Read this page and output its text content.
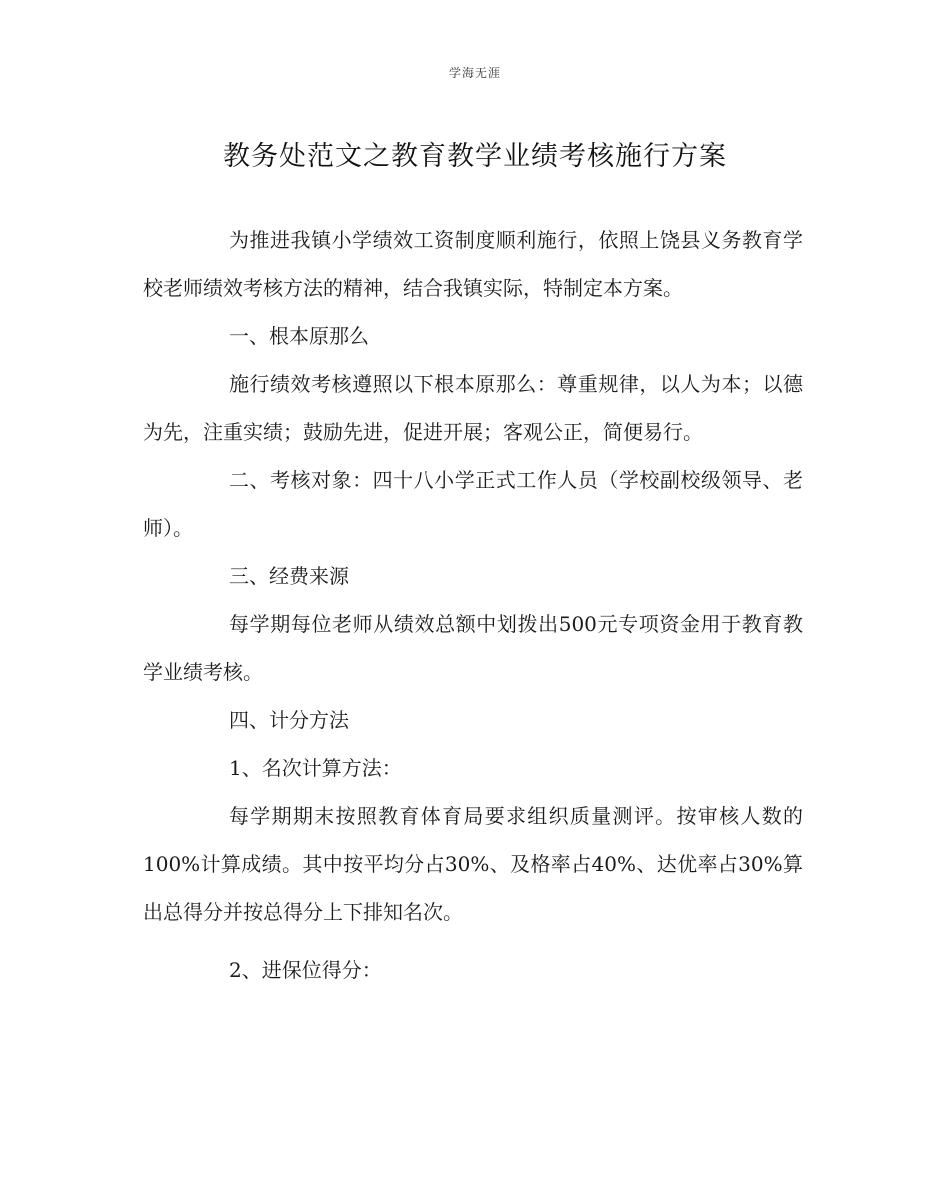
学海无涯
教务处范文之教育教学业绩考核施行方案

为推进我镇小学绩效工资制度顺利施行，依照上饶县义务教育学校老师绩效考核方法的精神，结合我镇实际，特制定本方案。

一、根本原那么

施行绩效考核遵照以下根本原那么：尊重规律，以人为本；以德为先，注重实绩；鼓励先进，促进开展；客观公正，简便易行。

二、考核对象：四十八小学正式工作人员（学校副校级领导、老师）。

三、经费来源

每学期每位老师从绩效总额中划拨出500元专项资金用于教育教学业绩考核。

四、计分方法

1、名次计算方法：

每学期期末按照教育体育局要求组织质量测评。按审核人数的100%计算成绩。其中按平均分占30%、及格率占40%、达优率占30%算出总得分并按总得分上下排知名次。

2、进保位得分：
